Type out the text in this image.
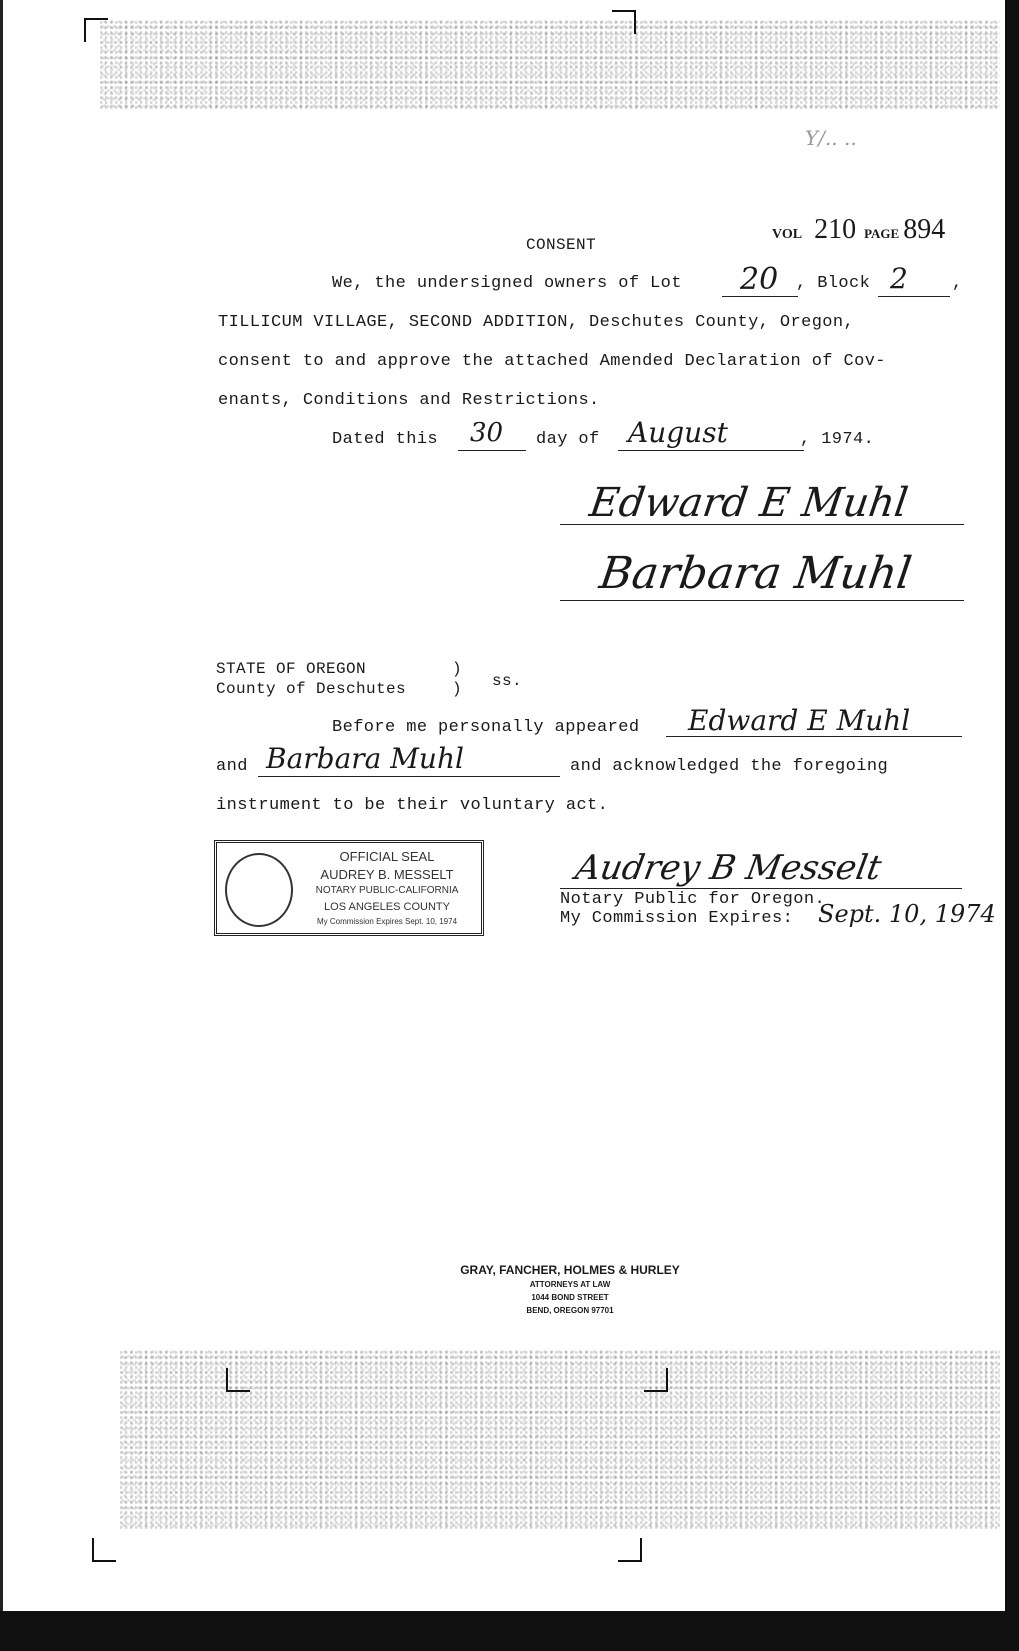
Y/.. ..
VOL 210 PAGE 894
CONSENT
We, the undersigned owners of Lot 20 , Block 2	,
TILLICUM VILLAGE, SECOND ADDITION, Deschutes County, Oregon,
consent to and approve the attached Amended Declaration of Cov-
enants, Conditions and Restrictions.
Dated this 30 day of August	, 1974.
Edward E Muhl
Barbara Muhl
STATE OF OREGON
County of Deschutes
)
) ss.
Before me personally appeared Edward E Muhl
and Barbara Muhl	and acknowledged the foregoing
instrument to be their voluntary act.
OFFICIAL SEAL
AUDREY B. MESSELT
NOTARY PUBLIC-CALIFORNIA
LOS ANGELES COUNTY
My Commission Expires Sept. 10, 1974
Audrey B Messelt
Notary Public for Oregon.
My Commission Expires: Sept. 10, 1974
GRAY, FANCHER, HOLMES & HURLEY
ATTORNEYS AT LAW
1044 BOND STREET
BEND, OREGON 97701
